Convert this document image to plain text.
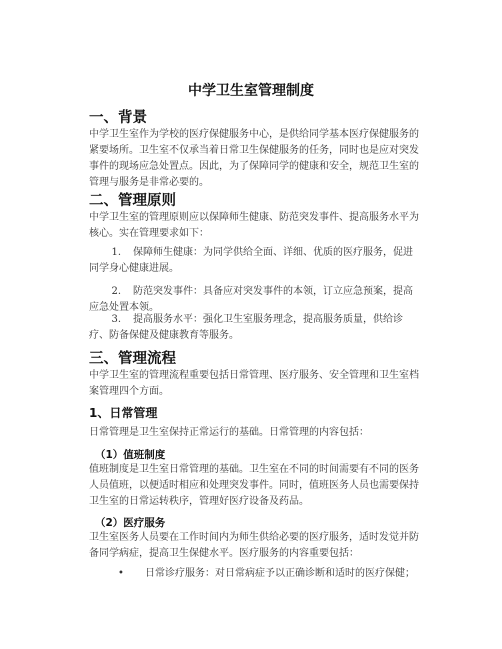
中学卫生室管理制度
一、背景
中学卫生室作为学校的医疗保健服务中心，是供给同学基本医疗保健服务的紧要场所。卫生室不仅承当着日常卫生保健服务的任务，同时也是应对突发事件的现场应急处置点。因此，为了保障同学的健康和安全，规范卫生室的管理与服务是非常必要的。
二、管理原则
中学卫生室的管理原则应以保障师生健康、防范突发事件、提高服务水平为核心。实在管理要求如下：
1. 保障师生健康：为同学供给全面、详细、优质的医疗服务，促进同学身心健康进展。
2. 防范突发事件：具备应对突发事件的本领，订立应急预案，提高应急处置本领。
3. 提高服务水平：强化卫生室服务理念，提高服务质量，供给诊疗、防备保健及健康教育等服务。
三、管理流程
中学卫生室的管理流程重要包括日常管理、医疗服务、安全管理和卫生室档案管理四个方面。
1、日常管理
日常管理是卫生室保持正常运行的基础。日常管理的内容包括：
（1）值班制度
值班制度是卫生室日常管理的基础。卫生室在不同的时间需要有不同的医务人员值班，以便适时相应和处理突发事件。同时，值班医务人员也需要保持卫生室的日常运转秩序，管理好医疗设备及药品。
（2）医疗服务
卫生室医务人员要在工作时间内为师生供给必要的医疗服务，适时发觉并防备同学病症，提高卫生保健水平。医疗服务的内容重要包括：
• 日常诊疗服务：对日常病症予以正确诊断和适时的医疗保健；
